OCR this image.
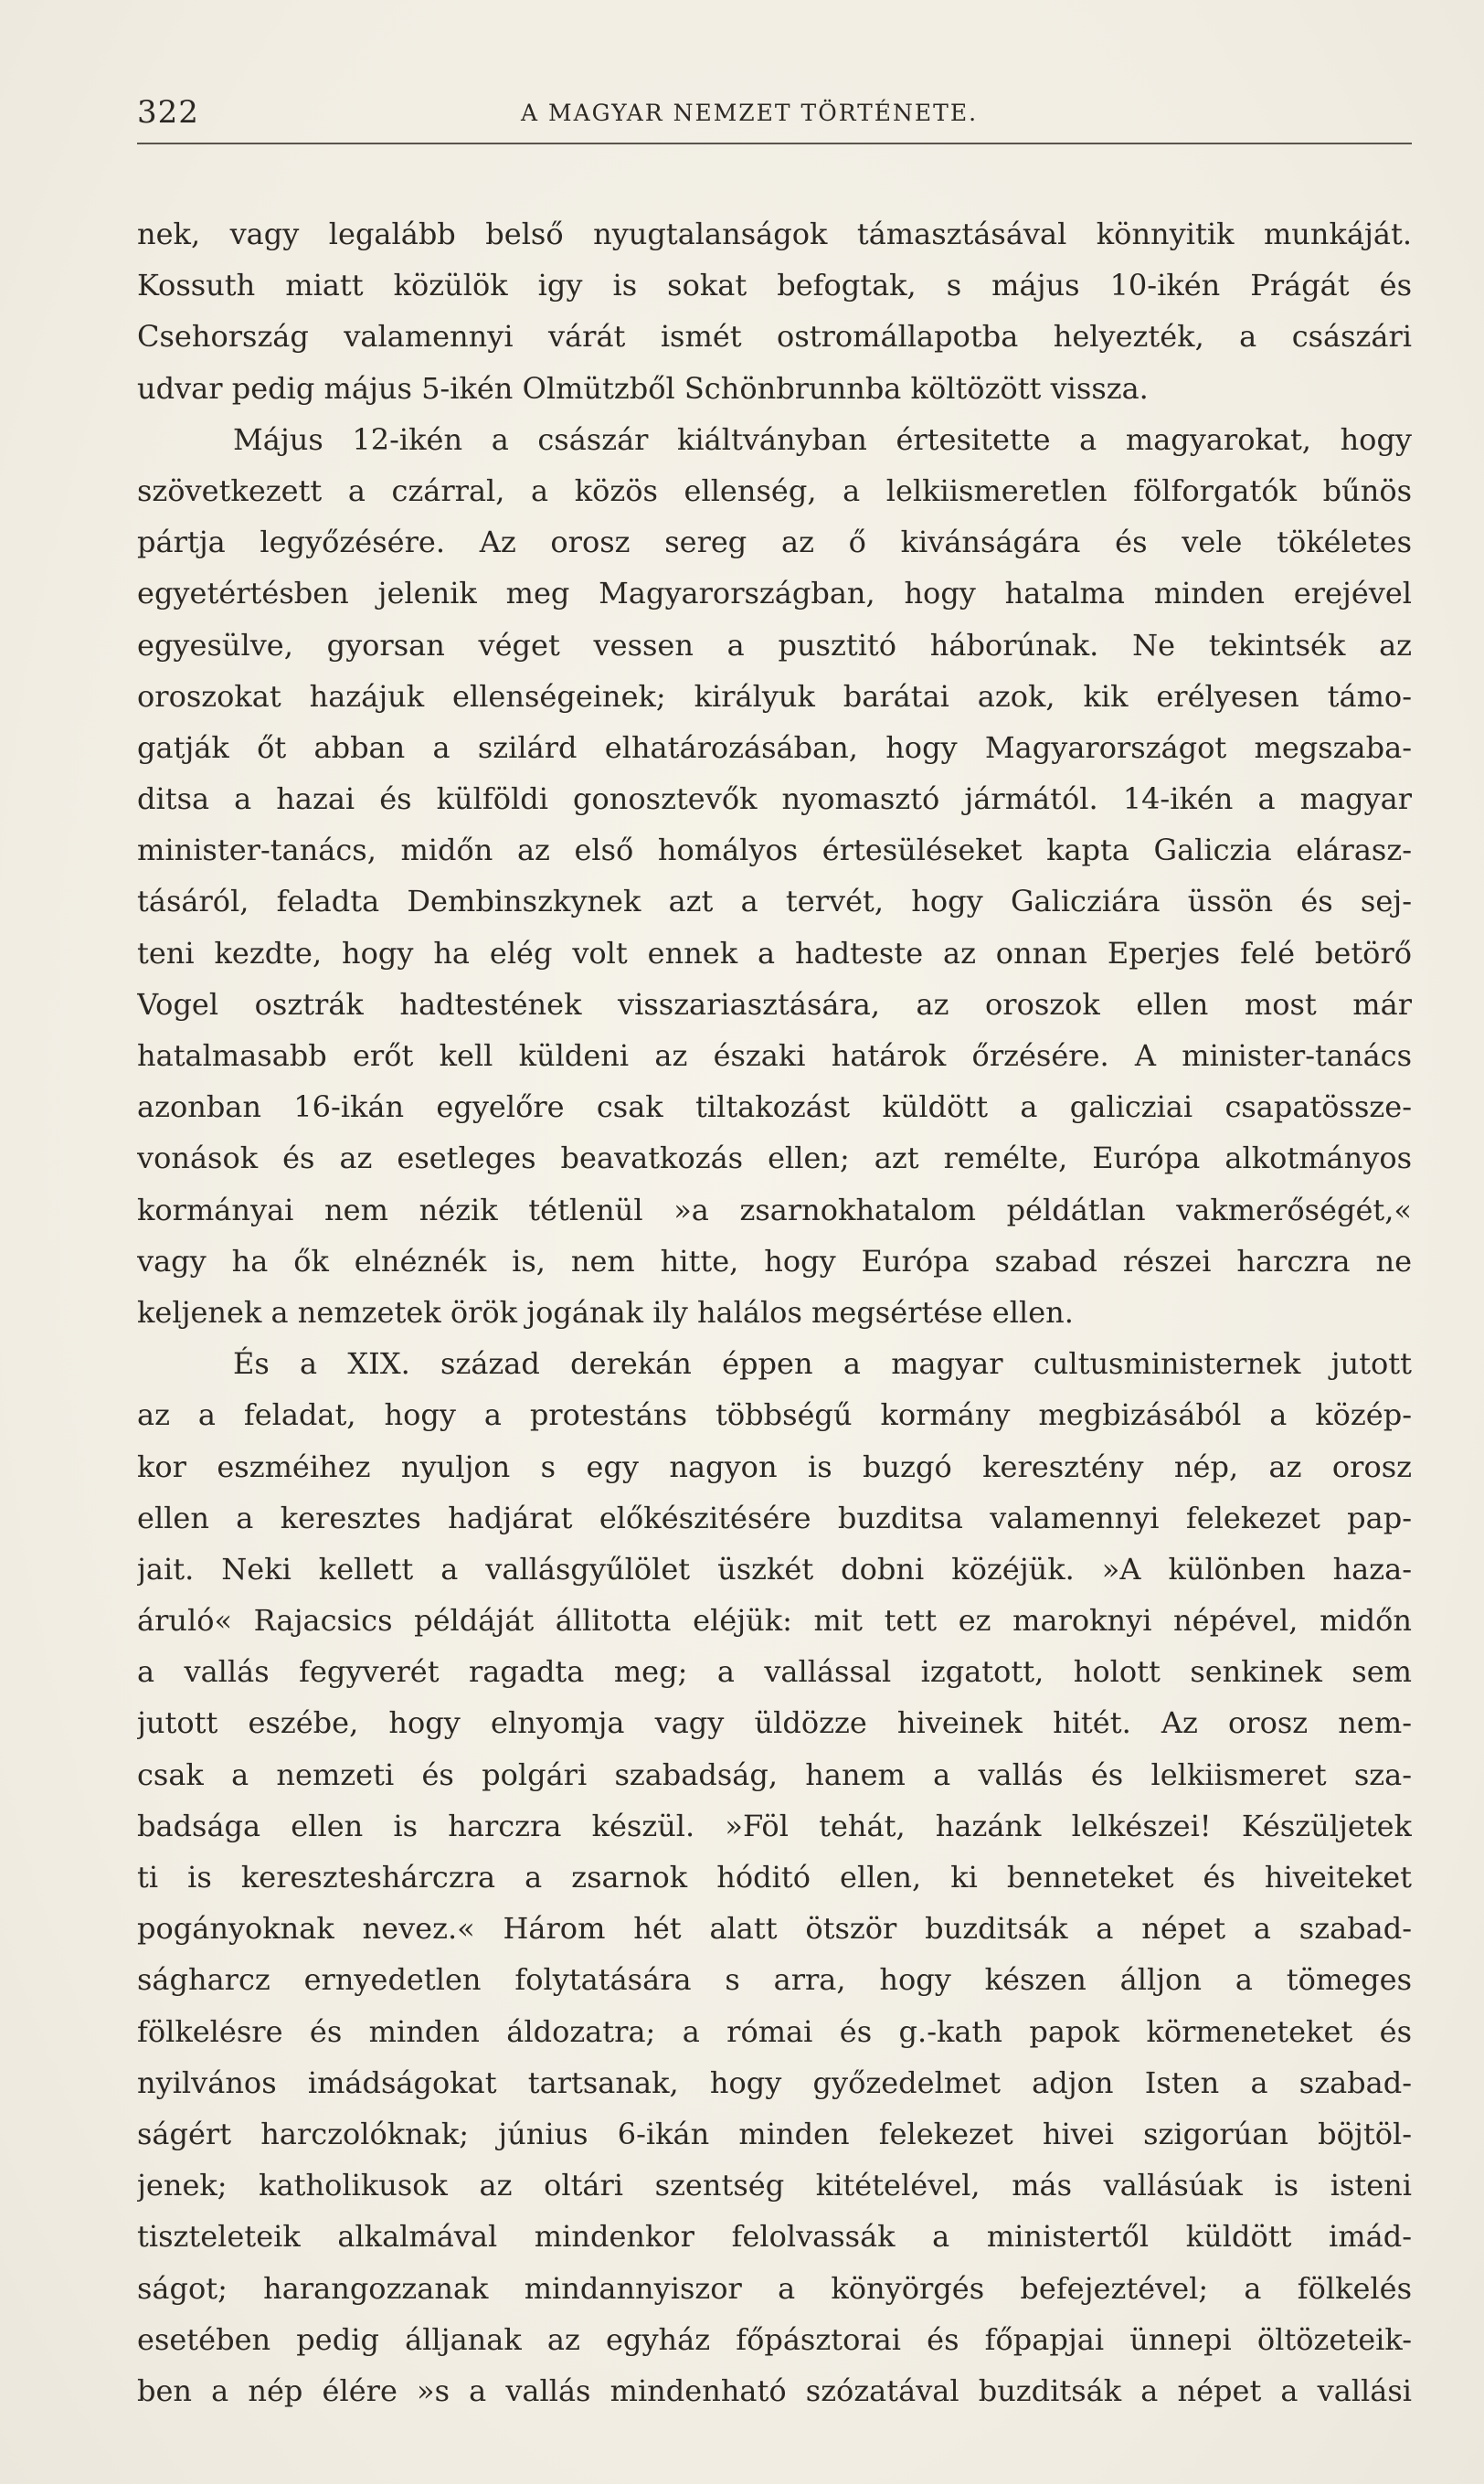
322	A MAGYAR NEMZET TÖRTÉNETE.
nek, vagy legalább belső nyugtalanságok támasztásával könnyitik munkáját.
Kossuth miatt közülök igy is sokat befogtak, s május 10-ikén Prágát és
Csehország valamennyi várát ismét ostromállapotba helyezték, a császári
udvar pedig május 5-ikén Olmützből Schönbrunnba költözött vissza.
Május 12-ikén a császár kiáltványban értesitette a magyarokat, hogy
szövetkezett a czárral, a közös ellenség, a lelkiismeretlen fölforgatók bűnös
pártja legyőzésére. Az orosz sereg az ő kivánságára és vele tökéletes
egyetértésben jelenik meg Magyarországban, hogy hatalma minden erejével
egyesülve, gyorsan véget vessen a pusztitó háborúnak. Ne tekintsék az
oroszokat hazájuk ellenségeinek; királyuk barátai azok, kik erélyesen támo-
gatják őt abban a szilárd elhatározásában, hogy Magyarországot megszaba-
ditsa a hazai és külföldi gonosztevők nyomasztó jármától. 14-ikén a magyar
minister-tanács, midőn az első homályos értesüléseket kapta Galiczia elárasz-
tásáról, feladta Dembinszkynek azt a tervét, hogy Galicziára üssön és sej-
teni kezdte, hogy ha elég volt ennek a hadteste az onnan Eperjes felé betörő
Vogel osztrák hadtestének visszariasztására, az oroszok ellen most már
hatalmasabb erőt kell küldeni az északi határok őrzésére. A minister-tanács
azonban 16-ikán egyelőre csak tiltakozást küldött a galicziai csapatössze-
vonások és az esetleges beavatkozás ellen; azt remélte, Európa alkotmányos
kormányai nem nézik tétlenül »a zsarnokhatalom példátlan vakmerőségét,«
vagy ha ők elnéznék is, nem hitte, hogy Európa szabad részei harczra ne
keljenek a nemzetek örök jogának ily halálos megsértése ellen.
És a XIX. század derekán éppen a magyar cultusministernek jutott
az a feladat, hogy a protestáns többségű kormány megbizásából a közép-
kor eszméihez nyuljon s egy nagyon is buzgó keresztény nép, az orosz
ellen a keresztes hadjárat előkészitésére buzditsa valamennyi felekezet pap-
jait. Neki kellett a vallásgyűlölet üszkét dobni közéjük. »A különben haza-
áruló« Rajacsics példáját állitotta eléjük: mit tett ez maroknyi népével, midőn
a vallás fegyverét ragadta meg; a vallással izgatott, holott senkinek sem
jutott eszébe, hogy elnyomja vagy üldözze hiveinek hitét. Az orosz nem-
csak a nemzeti és polgári szabadság, hanem a vallás és lelkiismeret sza-
badsága ellen is harczra készül. »Föl tehát, hazánk lelkészei! Készüljetek
ti is kereszteshárczra a zsarnok hóditó ellen, ki benneteket és hiveiteket
pogányoknak nevez.« Három hét alatt ötször buzditsák a népet a szabad-
ságharcz ernyedetlen folytatására s arra, hogy készen álljon a tömeges
fölkelésre és minden áldozatra; a római és g.-kath papok körmeneteket és
nyilvános imádságokat tartsanak, hogy győzedelmet adjon Isten a szabad-
ságért harczolóknak; június 6-ikán minden felekezet hivei szigorúan böjtöl-
jenek; katholikusok az oltári szentség kitételével, más vallásúak is isteni
tiszteleteik alkalmával mindenkor felolvassák a ministertől küldött imád-
ságot; harangozzanak mindannyiszor a könyörgés befejeztével; a fölkelés
esetében pedig álljanak az egyház főpásztorai és főpapjai ünnepi öltözeteik-
ben a nép élére »s a vallás mindenható szózatával buzditsák a népet a vallási
